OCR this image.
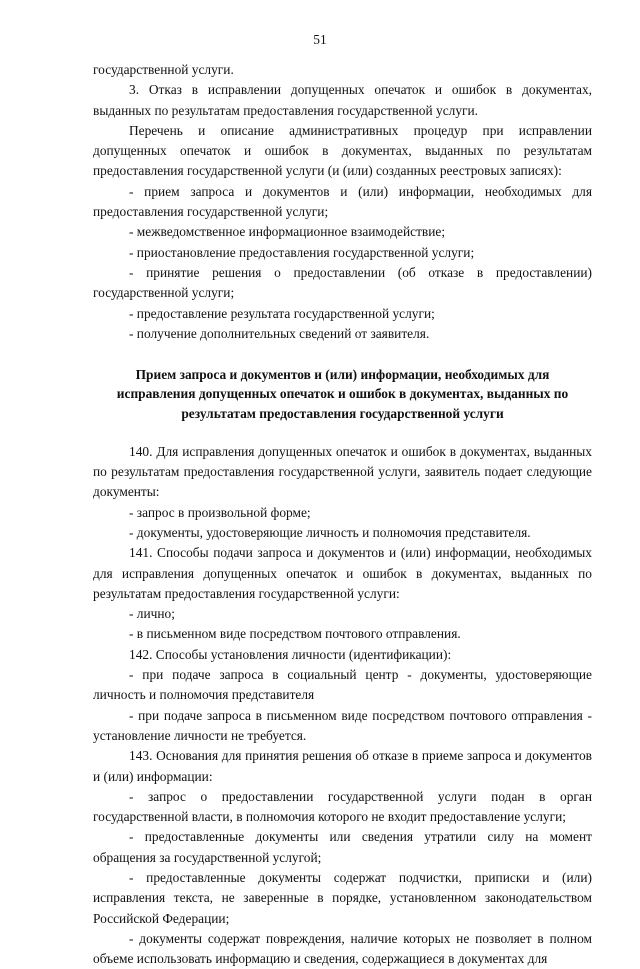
51

государственной услуги.

3. Отказ в исправлении допущенных опечаток и ошибок в документах, выданных по результатам предоставления государственной услуги.

Перечень и описание административных процедур при исправлении допущенных опечаток и ошибок в документах, выданных по результатам предоставления государственной услуги (и (или) созданных реестровых записях):

- прием запроса и документов и (или) информации, необходимых для предоставления государственной услуги;

- межведомственное информационное взаимодействие;

- приостановление предоставления государственной услуги;

- принятие решения о предоставлении (об отказе в предоставлении) государственной услуги;

- предоставление результата государственной услуги;

- получение дополнительных сведений от заявителя.

Прием запроса и документов и (или) информации, необходимых для исправления допущенных опечаток и ошибок в документах, выданных по результатам предоставления государственной услуги

140. Для исправления допущенных опечаток и ошибок в документах, выданных по результатам предоставления государственной услуги, заявитель подает следующие документы:

- запрос в произвольной форме;

- документы, удостоверяющие личность и полномочия представителя.

141. Способы подачи запроса и документов и (или) информации, необходимых для исправления допущенных опечаток и ошибок в документах, выданных по результатам предоставления государственной услуги:

- лично;

- в письменном виде посредством почтового отправления.

142. Способы установления личности (идентификации):

- при подаче запроса в социальный центр - документы, удостоверяющие личность и полномочия представителя

- при подаче запроса в письменном виде посредством почтового отправления - установление личности не требуется.

143. Основания для принятия решения об отказе в приеме запроса и документов и (или) информации:

- запрос о предоставлении государственной услуги подан в орган государственной власти, в полномочия которого не входит предоставление услуги;

- предоставленные документы или сведения утратили силу на момент обращения за государственной услугой;

- предоставленные документы содержат подчистки, приписки и (или) исправления текста, не заверенные в порядке, установленном законодательством Российской Федерации;

- документы содержат повреждения, наличие которых не позволяет в полном объеме использовать информацию и сведения, содержащиеся в документах для
